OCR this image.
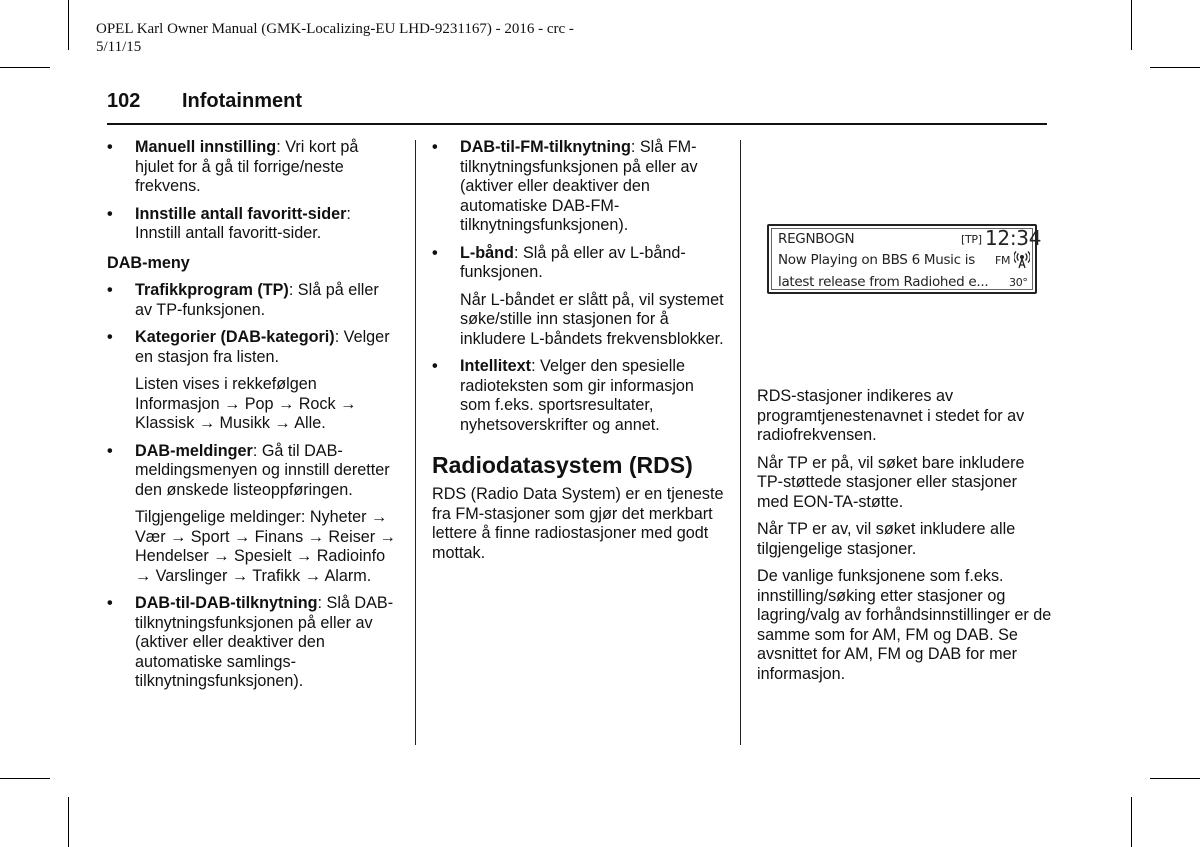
OPEL Karl Owner Manual (GMK-Localizing-EU LHD-9231167) - 2016 - crc -
5/11/15
102 Infotainment

• Manuell innstilling: Vri kort på hjulet for å gå til forrige/neste frekvens.

• Innstille antall favoritt-sider: Innstill antall favoritt-sider.

DAB-meny

• Trafikkprogram (TP): Slå på eller av TP-funksjonen.

• Kategorier (DAB-kategori): Velger en stasjon fra listen.

Listen vises i rekkefølgen Informasjon → Pop → Rock → Klassisk → Musikk → Alle.

• DAB-meldinger: Gå til DAB-meldingsmenyen og innstill deretter den ønskede listeoppføringen.

Tilgjengelige meldinger: Nyheter → Vær → Sport → Finans → Reiser → Hendelser → Spesielt → Radioinfo → Varslinger → Trafikk → Alarm.

• DAB-til-DAB-tilknytning: Slå DAB-tilknytningsfunksjonen på eller av (aktiver eller deaktiver den automatiske samlings-tilknytningsfunksjonen).

• DAB-til-FM-tilknytning: Slå FM-tilknytningsfunksjonen på eller av (aktiver eller deaktiver den automatiske DAB-FM-tilknytningsfunksjonen).

• L-bånd: Slå på eller av L-bånd-funksjonen.

Når L-båndet er slått på, vil systemet søke/stille inn stasjonen for å inkludere L-båndets frekvensblokker.

• Intellitext: Velger den spesielle radioteksten som gir informasjon som f.eks. sportsresultater, nyhetsoverskrifter og annet.

Radiodatasystem (RDS)

RDS (Radio Data System) er en tjeneste fra FM-stasjoner som gjør det merkbart lettere å finne radiostasjoner med godt mottak.

REGNBOGN	[TP] 12:34
Now Playing on BBS 6 Music is FM
latest release from Radiohed e... 30°

RDS-stasjoner indikeres av programtjenestenavnet i stedet for av radiofrekvensen.

Når TP er på, vil søket bare inkludere TP-støttede stasjoner eller stasjoner med EON-TA-støtte.

Når TP er av, vil søket inkludere alle tilgjengelige stasjoner.

De vanlige funksjonene som f.eks. innstilling/søking etter stasjoner og lagring/valg av forhåndsinnstillinger er de samme som for AM, FM og DAB. Se avsnittet for AM, FM og DAB for mer informasjon.
